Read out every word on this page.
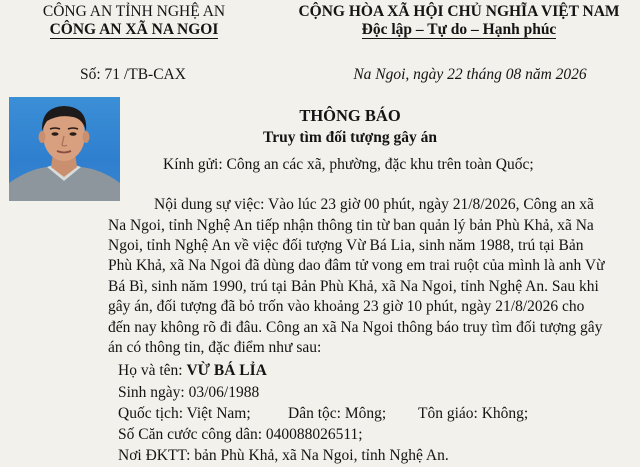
CÔNG AN TỈNH NGHỆ AN
CÔNG AN XÃ NA NGOI
Số: 71 /TB-CAX
CỘNG HÒA XÃ HỘI CHỦ NGHĨA VIỆT NAM
Độc lập – Tự do – Hạnh phúc
Na Ngoi, ngày 22 tháng 08 năm 2026
THÔNG BÁO
Truy tìm đối tượng gây án
Kính gửi: Công an các xã, phường, đặc khu trên toàn Quốc;
Nội dung sự việc: Vào lúc 23 giờ 00 phút, ngày 21/8/2026, Công an xã
Na Ngoi, tỉnh Nghệ An tiếp nhận thông tin từ ban quản lý bản Phù Khả, xã Na
Ngoi, tỉnh Nghệ An về việc đối tượng Vừ Bá Lia, sinh năm 1988, trú tại Bản
Phù Khả, xã Na Ngoi đã dùng dao đâm tử vong em trai ruột của mình là anh Vừ
Bá Bì, sinh năm 1990, trú tại Bản Phù Khả, xã Na Ngoi, tỉnh Nghệ An. Sau khi
gây án, đối tượng đã bỏ trốn vào khoảng 23 giờ 10 phút, ngày 21/8/2026 cho
đến nay không rõ đi đâu. Công an xã Na Ngoi thông báo truy tìm đối tượng gây
án có thông tin, đặc điểm như sau:
Họ và tên: VỪ BÁ LỈA
Sinh ngày: 03/06/1988
Quốc tịch: Việt Nam; Dân tộc: Mông; Tôn giáo: Không;
Số Căn cước công dân: 040088026511;
Nơi ĐKTT: bản Phù Khả, xã Na Ngoi, tỉnh Nghệ An.
